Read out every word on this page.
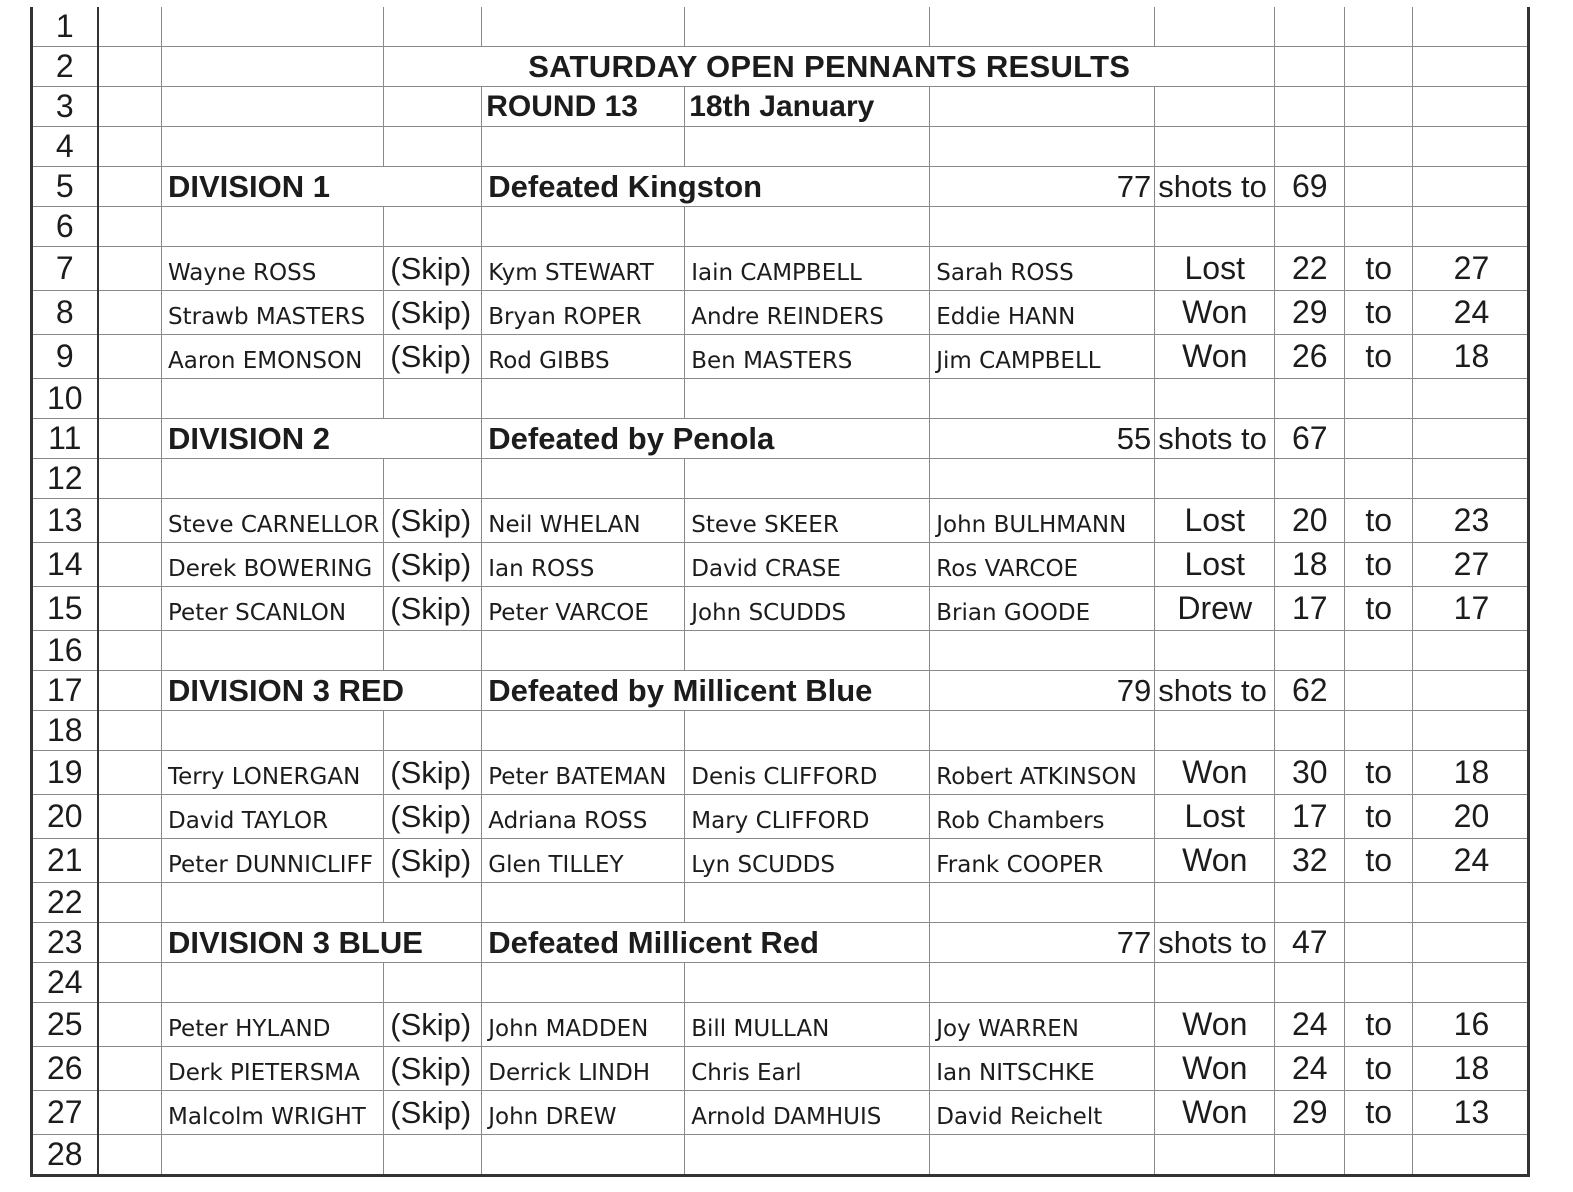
1										
2			SATURDAY OPEN PENNANTS RESULTS							
3				ROUND 13	18th January					
4										
5		DIVISION 1		Defeated Kingston		77	shots to	69		
6										
7		Wayne ROSS	(Skip)	Kym STEWART	Iain CAMPBELL	Sarah ROSS	Lost	22	to	27
8		Strawb MASTERS	(Skip)	Bryan ROPER	Andre REINDERS	Eddie HANN	Won	29	to	24
9		Aaron EMONSON	(Skip)	Rod GIBBS	Ben MASTERS	Jim CAMPBELL	Won	26	to	18
10										
11		DIVISION 2		Defeated by Penola		55	shots to	67		
12										
13		Steve CARNELLOR	(Skip)	Neil WHELAN	Steve SKEER	John BULHMANN	Lost	20	to	23
14		Derek BOWERING	(Skip)	Ian ROSS	David CRASE	Ros VARCOE	Lost	18	to	27
15		Peter SCANLON	(Skip)	Peter VARCOE	John SCUDDS	Brian GOODE	Drew	17	to	17
16										
17		DIVISION 3 RED		Defeated by Millicent Blue		79	shots to	62		
18										
19		Terry LONERGAN	(Skip)	Peter BATEMAN	Denis CLIFFORD	Robert ATKINSON	Won	30	to	18
20		David TAYLOR	(Skip)	Adriana ROSS	Mary CLIFFORD	Rob Chambers	Lost	17	to	20
21		Peter DUNNICLIFF	(Skip)	Glen TILLEY	Lyn SCUDDS	Frank COOPER	Won	32	to	24
22										
23		DIVISION 3 BLUE		Defeated Millicent Red		77	shots to	47		
24										
25		Peter HYLAND	(Skip)	John MADDEN	Bill MULLAN	Joy WARREN	Won	24	to	16
26		Derk PIETERSMA	(Skip)	Derrick LINDH	Chris Earl	Ian NITSCHKE	Won	24	to	18
27		Malcolm WRIGHT	(Skip)	John DREW	Arnold DAMHUIS	David Reichelt	Won	29	to	13
28										
